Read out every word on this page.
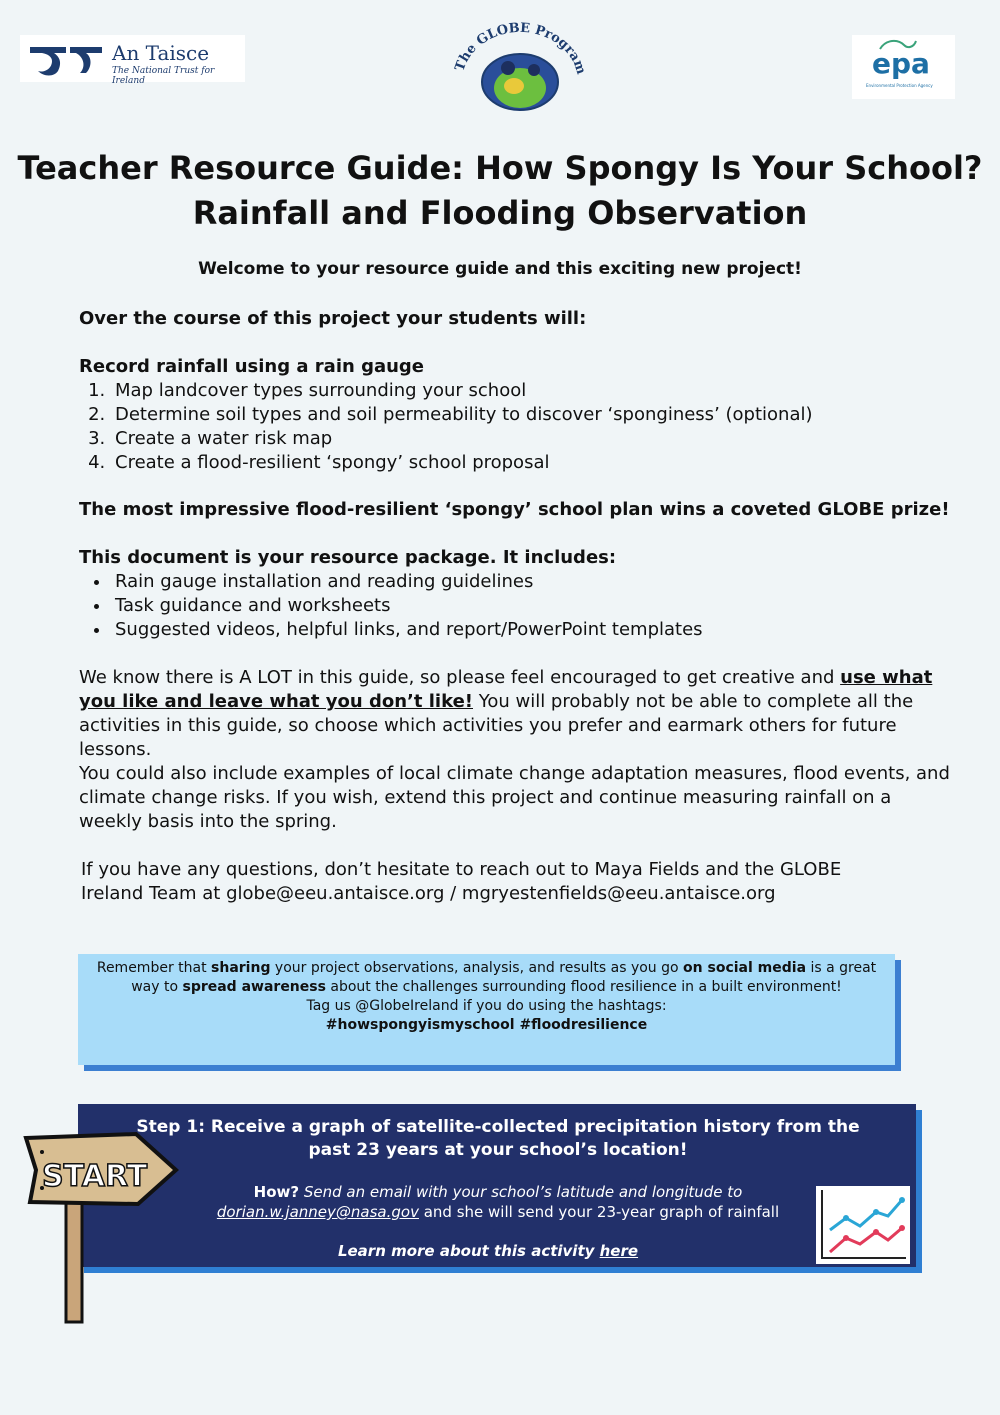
An Taisce
The National Trust for Ireland
The GLOBE Program	epa
Environmental Protection Agency
Teacher Resource Guide: How Spongy Is Your School?
Rainfall and Flooding Observation
Welcome to your resource guide and this exciting new project!
Over the course of this project your students will:
Record rainfall using a rain gauge
1. Map landcover types surrounding your school
2. Determine soil types and soil permeability to discover ‘sponginess’ (optional)
3. Create a water risk map
4. Create a flood-resilient ‘spongy’ school proposal
The most impressive flood-resilient ‘spongy’ school plan wins a coveted GLOBE prize!
This document is your resource package. It includes:
• Rain gauge installation and reading guidelines
• Task guidance and worksheets
• Suggested videos, helpful links, and report/PowerPoint templates
We know there is A LOT in this guide, so please feel encouraged to get creative and use what you like and leave what you don’t like! You will probably not be able to complete all the activities in this guide, so choose which activities you prefer and earmark others for future lessons.
You could also include examples of local climate change adaptation measures, flood events, and climate change risks. If you wish, extend this project and continue measuring rainfall on a weekly basis into the spring.
If you have any questions, don’t hesitate to reach out to Maya Fields and the GLOBE
Ireland Team at globe@eeu.antaisce.org / mgryestenfields@eeu.antaisce.org
Remember that sharing your project observations, analysis, and results as you go on social media is a great way to spread awareness about the challenges surrounding flood resilience in a built environment!
Tag us @GlobeIreland if you do using the hashtags:
#howspongyismyschool #floodresilience
Step 1: Receive a graph of satellite-collected precipitation history from the past 23 years at your school’s location!
How? Send an email with your school’s latitude and longitude to
dorian.w.janney@nasa.gov and she will send your 23-year graph of rainfall
Learn more about this activity here
START
